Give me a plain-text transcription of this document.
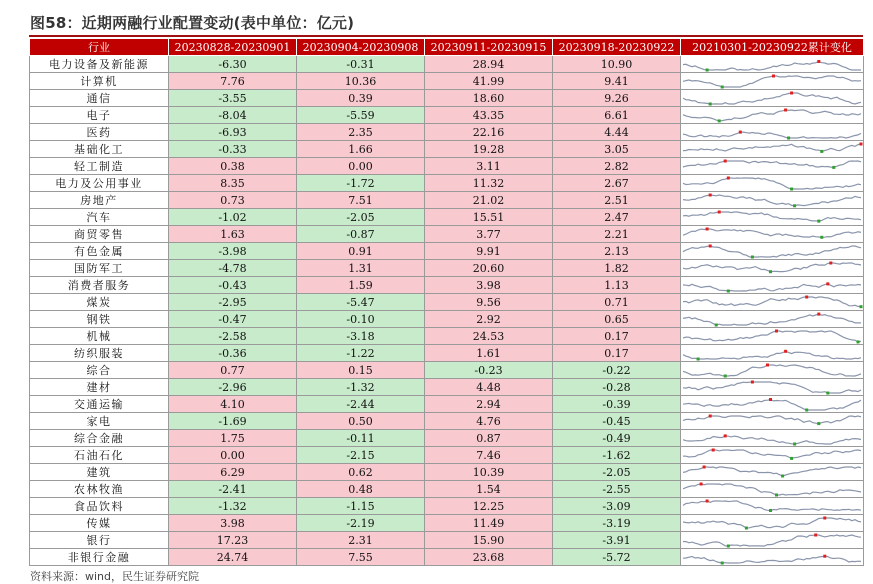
图58：近期两融行业配置变动(表中单位：亿元)
行业	20230828-20230901	20230904-20230908	20230911-20230915	20230918-20230922	20210301-20230922累计变化
电力设备及新能源	-6.30	-0.31	28.94	10.90	

计算机	7.76	10.36	41.99	9.41	

通信	-3.55	0.39	18.60	9.26	

电子	-8.04	-5.59	43.35	6.61	

医药	-6.93	2.35	22.16	4.44	

基础化工	-0.33	1.66	19.28	3.05	

轻工制造	0.38	0.00	3.11	2.82	

电力及公用事业	8.35	-1.72	11.32	2.67	

房地产	0.73	7.51	21.02	2.51	

汽车	-1.02	-2.05	15.51	2.47	

商贸零售	1.63	-0.87	3.77	2.21	

有色金属	-3.98	0.91	9.91	2.13	

国防军工	-4.78	1.31	20.60	1.82	

消费者服务	-0.43	1.59	3.98	1.13	

煤炭	-2.95	-5.47	9.56	0.71	

钢铁	-0.47	-0.10	2.92	0.65	

机械	-2.58	-3.18	24.53	0.17	

纺织服装	-0.36	-1.22	1.61	0.17	

综合	0.77	0.15	-0.23	-0.22	

建材	-2.96	-1.32	4.48	-0.28	

交通运输	4.10	-2.44	2.94	-0.39	

家电	-1.69	0.50	4.76	-0.45	

综合金融	1.75	-0.11	0.87	-0.49	

石油石化	0.00	-2.15	7.46	-1.62	

建筑	6.29	0.62	10.39	-2.05	

农林牧渔	-2.41	0.48	1.54	-2.55	

食品饮料	-1.32	-1.15	12.25	-3.09	

传媒	3.98	-2.19	11.49	-3.19	

银行	17.23	2.31	15.90	-3.91	

非银行金融	24.74	7.55	23.68	-5.72	
资料来源：wind，民生证券研究院
